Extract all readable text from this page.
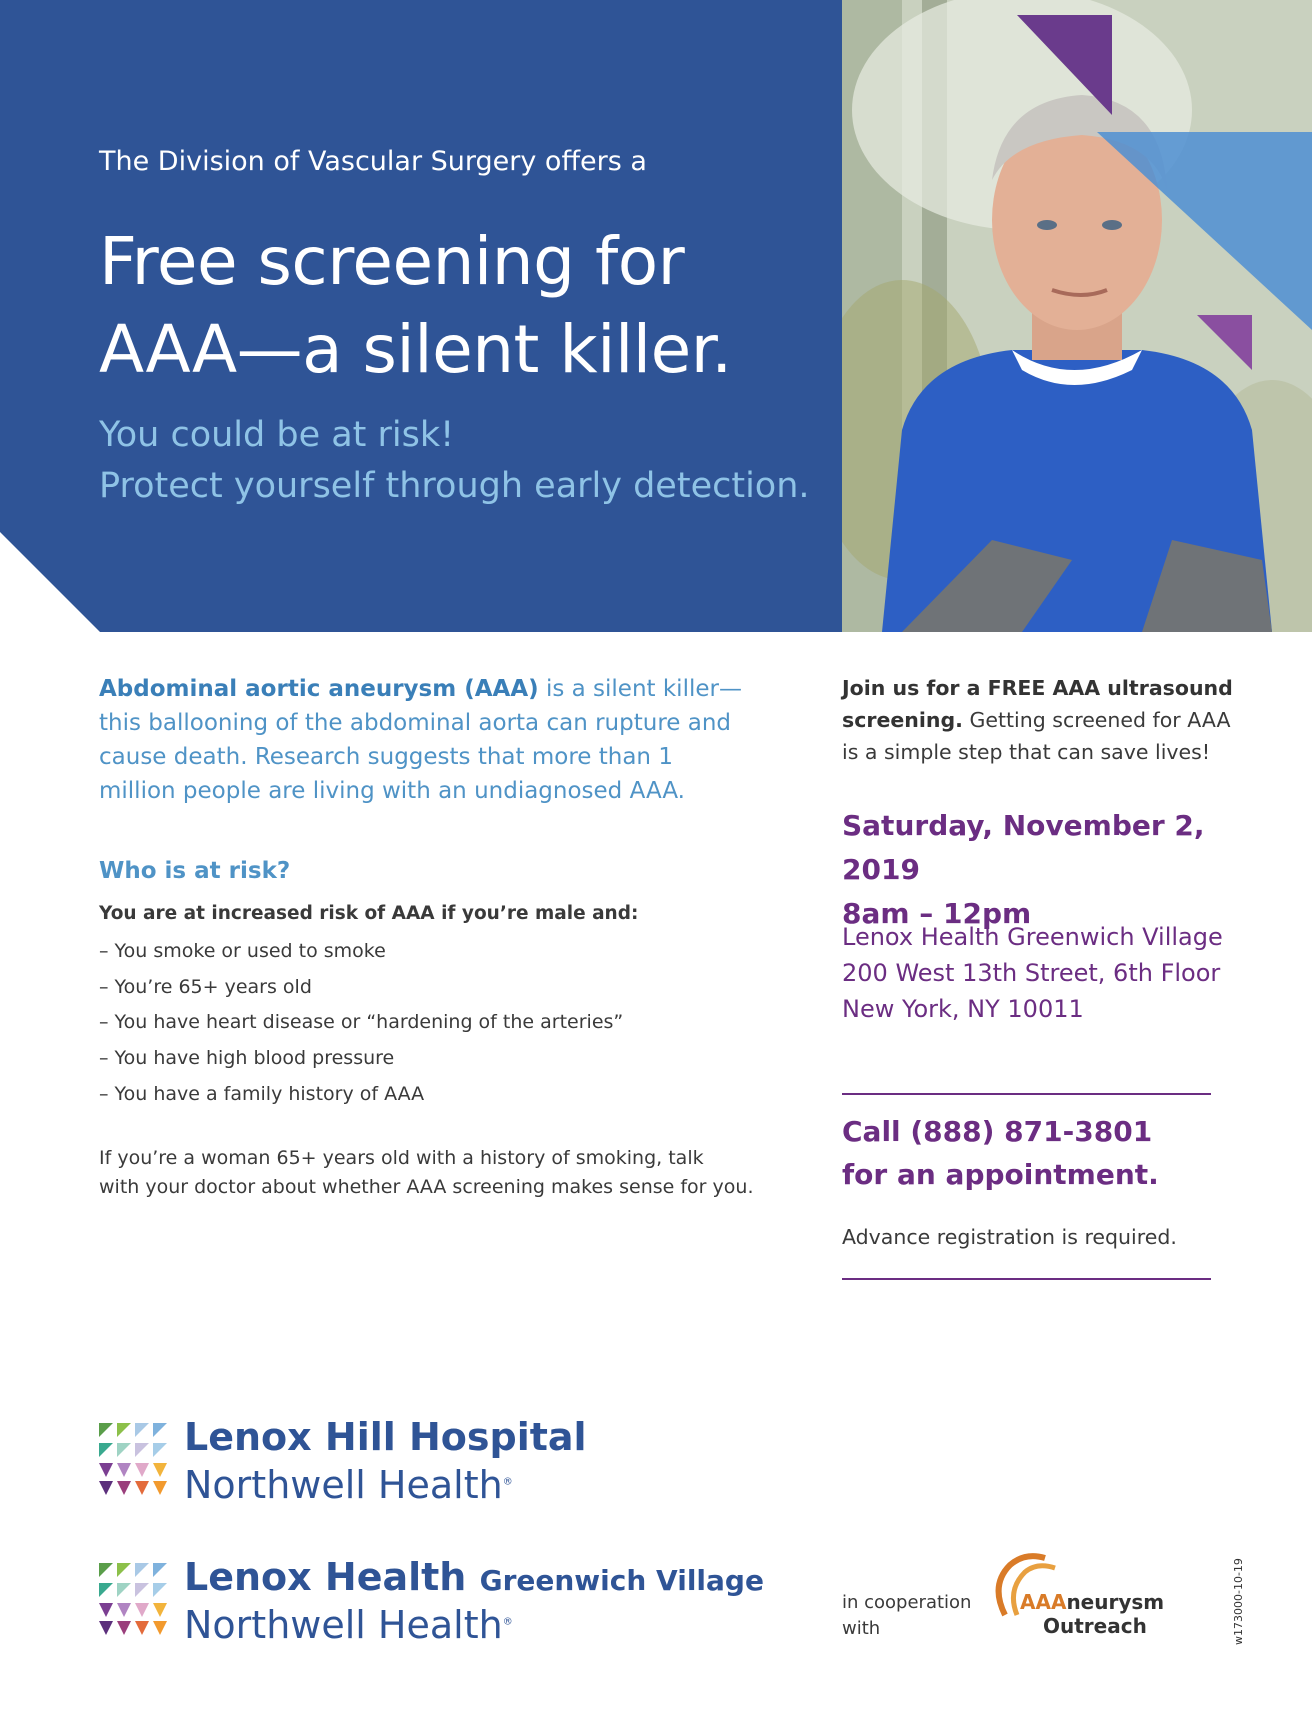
The Division of Vascular Surgery offers a
Free screening for
AAA—a silent killer.
You could be at risk!
Protect yourself through early detection.
Abdominal aortic aneurysm (AAA) is a silent killer—this ballooning of the abdominal aorta can rupture and cause death. Research suggests that more than 1 million people are living with an undiagnosed AAA.
Who is at risk?
You are at increased risk of AAA if you’re male and:
– You smoke or used to smoke
– You’re 65+ years old
– You have heart disease or “hardening of the arteries”
– You have high blood pressure
– You have a family history of AAA
If you’re a woman 65+ years old with a history of smoking, talk
with your doctor about whether AAA screening makes sense for you.
Join us for a FREE AAA ultrasound
screening. Getting screened for AAA
is a simple step that can save lives!
Saturday, November 2, 2019
8am – 12pm
Lenox Health Greenwich Village
200 West 13th Street, 6th Floor
New York, NY 10011
Call (888) 871-3801
for an appointment.
Advance registration is required.
Lenox Hill Hospital
Northwell Health®
Lenox Health Greenwich Village
Northwell Health®
in cooperation
with
AAAneurysm
Outreach	w173000-10-19
